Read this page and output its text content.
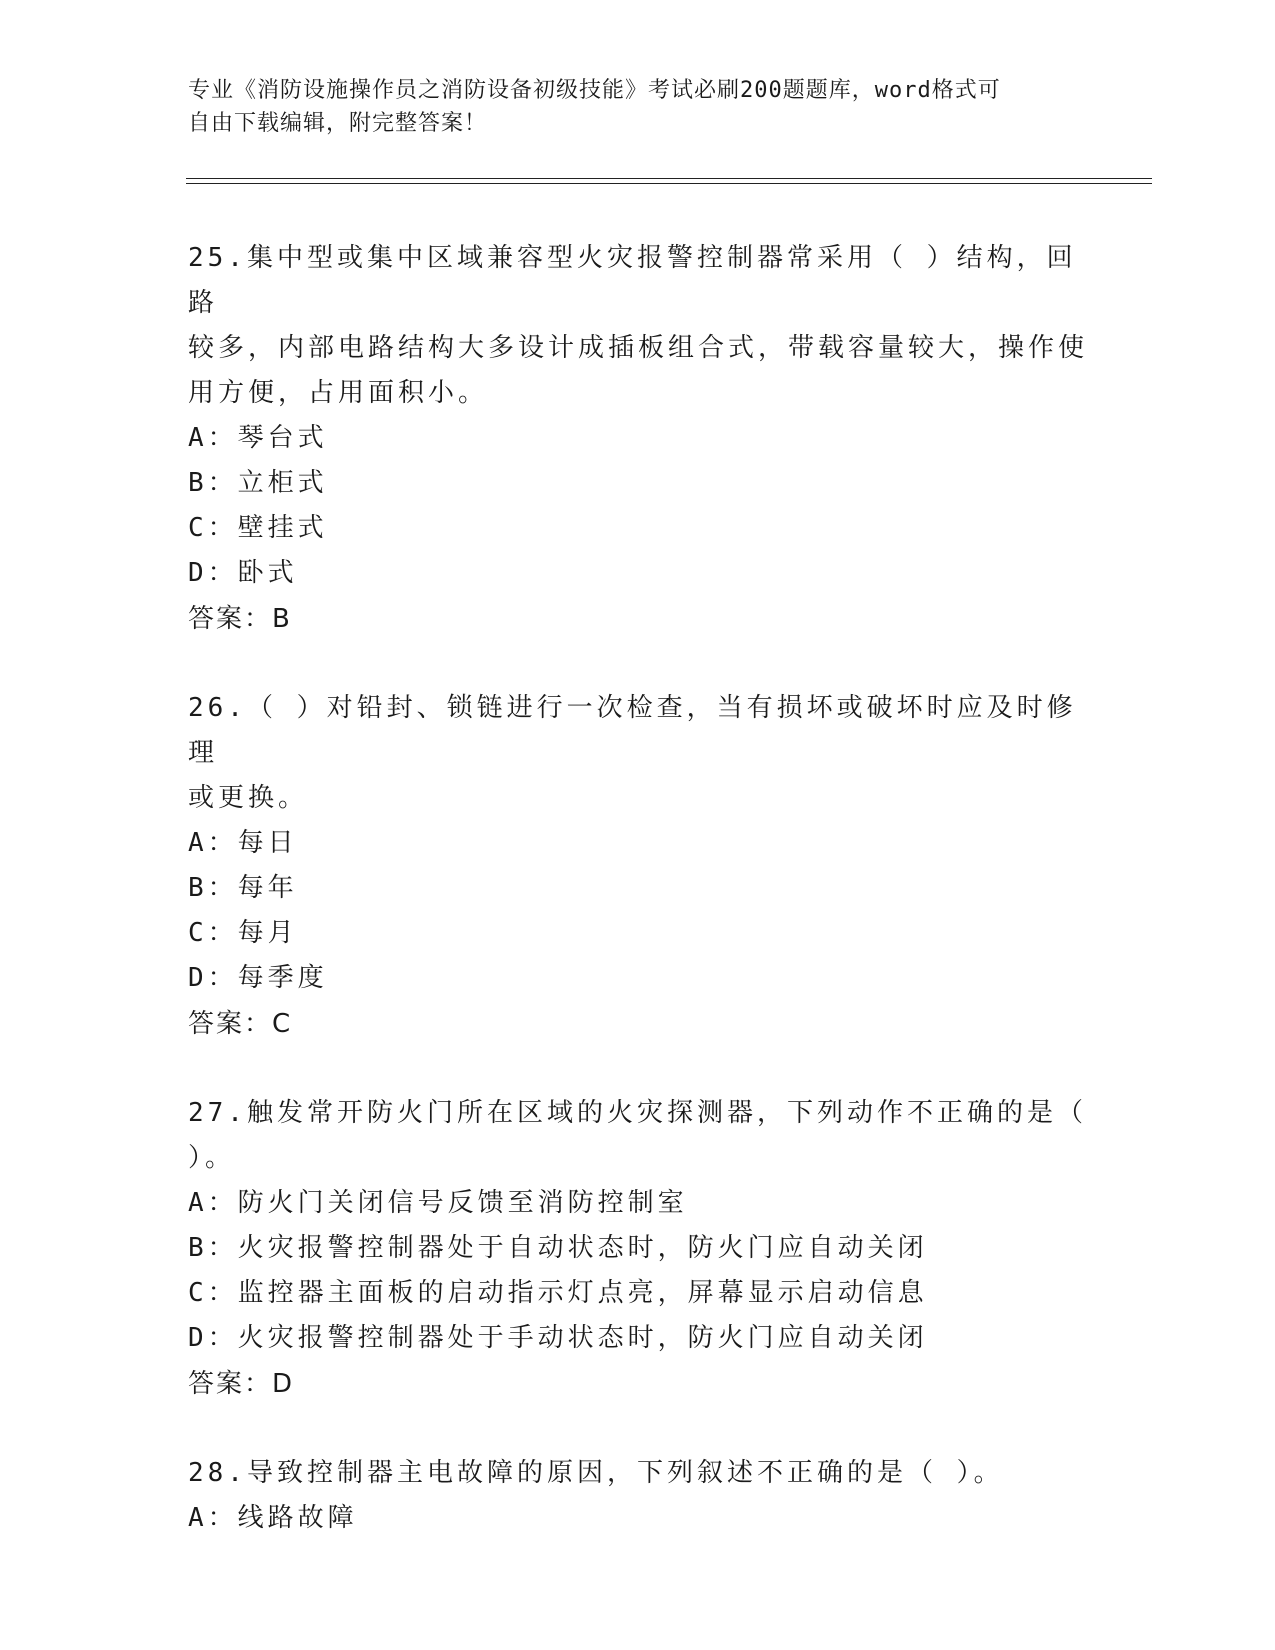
专业《消防设施操作员之消防设备初级技能》考试必刷200题题库，word格式可
自由下载编辑，附完整答案！
25.集中型或集中区域兼容型火灾报警控制器常采用（ ）结构，回路
较多，内部电路结构大多设计成插板组合式，带载容量较大，操作使
用方便，占用面积小。
A：琴台式
B：立柜式
C：壁挂式
D：卧式
答案：B
26.（ ）对铅封、锁链进行一次检查，当有损坏或破坏时应及时修理
或更换。
A：每日
B：每年
C：每月
D：每季度
答案：C
27.触发常开防火门所在区域的火灾探测器，下列动作不正确的是（
）。
A：防火门关闭信号反馈至消防控制室
B：火灾报警控制器处于自动状态时，防火门应自动关闭
C：监控器主面板的启动指示灯点亮，屏幕显示启动信息
D：火灾报警控制器处于手动状态时，防火门应自动关闭
答案：D
28.导致控制器主电故障的原因，下列叙述不正确的是（ ）。
A：线路故障
